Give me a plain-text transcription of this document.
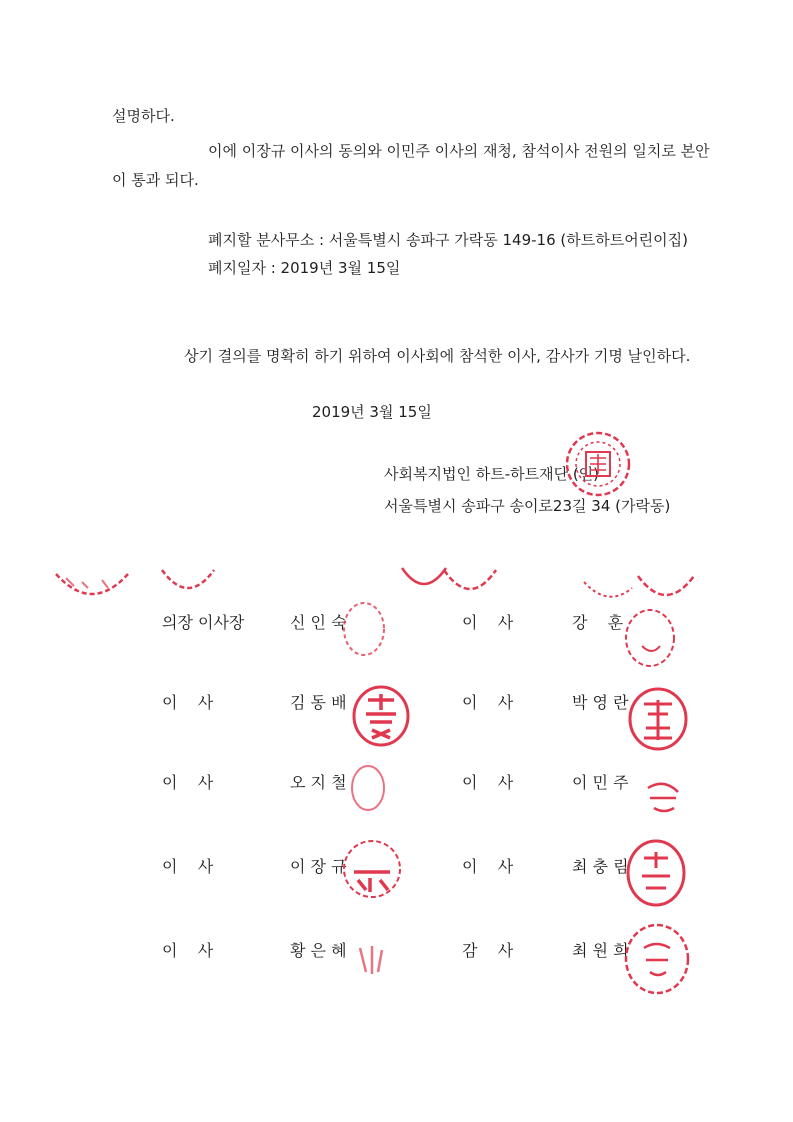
설명하다.
이에 이장규 이사의 동의와 이민주 이사의 재청, 참석이사 전원의 일치로 본안
이 통과 되다.
폐지할 분사무소 : 서울특별시 송파구 가락동 149-16 (하트하트어린이집)
폐지일자 : 2019년 3월 15일
상기 결의를 명확히 하기 위하여 이사회에 참석한 이사, 감사가 기명 날인하다.
2019년 3월 15일
사회복지법인 하트-하트재단 (인)
서울특별시 송파구 송이로23길 34 (가락동)
의장 이사장	신 인 숙	이    사	강    훈
이    사	김 동 배	이    사	박 영 란
이    사	오 지 철	이    사	이 민 주
이    사	이 장 규	이    사	최 충 림
이    사	황 은 혜	감    사	최 원 희
